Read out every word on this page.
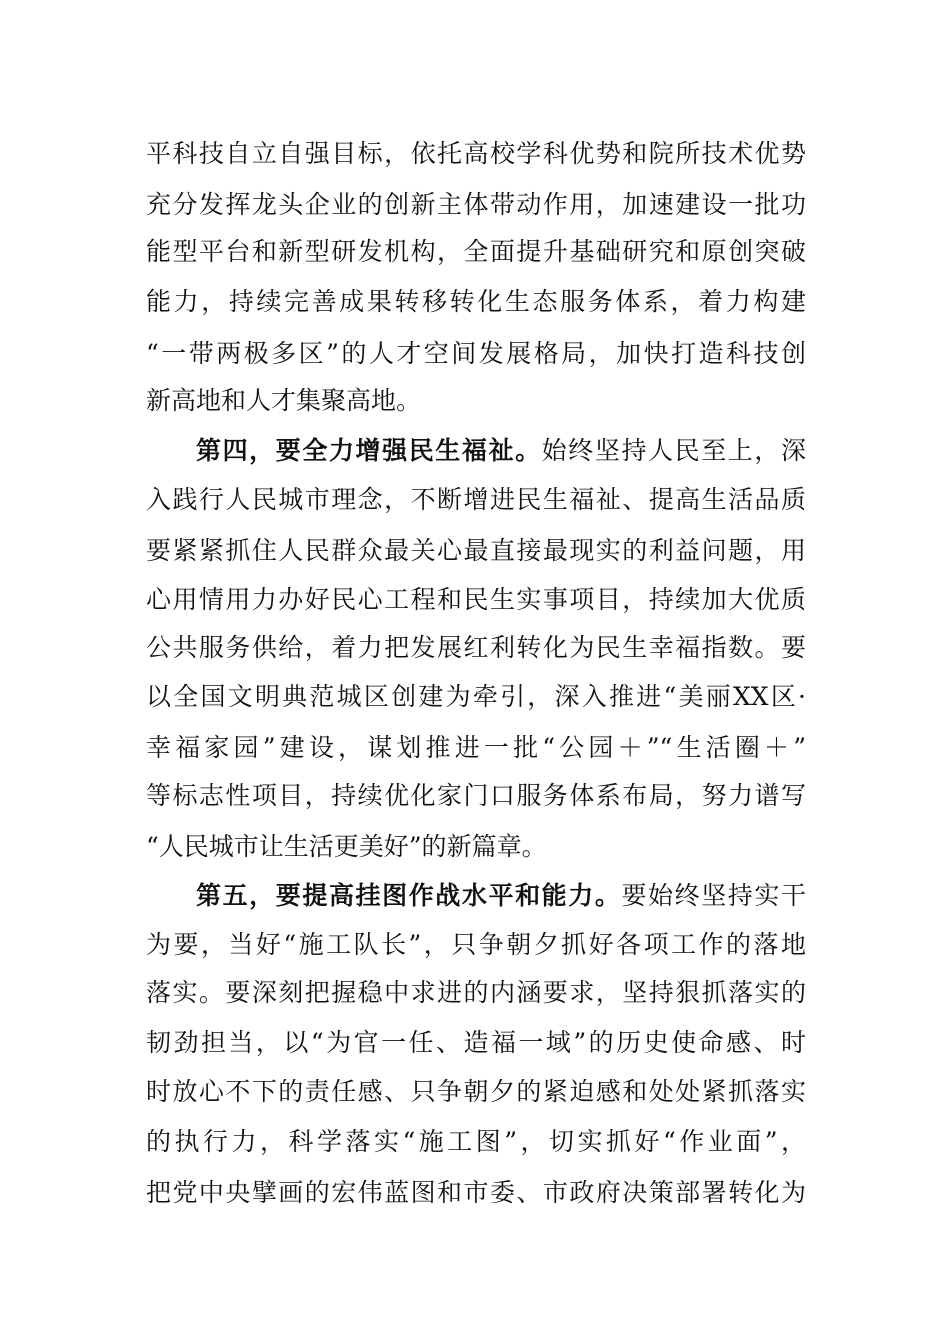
平科技自立自强目标，依托高校学科优势和院所技术优势
充分发挥龙头企业的创新主体带动作用，加速建设一批功
能型平台和新型研发机构，全面提升基础研究和原创突破
能力，持续完善成果转移转化生态服务体系，着力构建
“一带两极多区”的人才空间发展格局，加快打造科技创
新高地和人才集聚高地。
第四，要全力增强民生福祉。始终坚持人民至上，深
入践行人民城市理念，不断增进民生福祉、提高生活品质
要紧紧抓住人民群众最关心最直接最现实的利益问题，用
心用情用力办好民心工程和民生实事项目，持续加大优质
公共服务供给，着力把发展红利转化为民生幸福指数。要
以全国文明典范城区创建为牵引，深入推进“美丽XX区·
幸福家园”建设，谋划推进一批“公园＋”“生活圈＋”
等标志性项目，持续优化家门口服务体系布局，努力谱写
“人民城市让生活更美好”的新篇章。
第五，要提高挂图作战水平和能力。要始终坚持实干
为要，当好“施工队长”，只争朝夕抓好各项工作的落地
落实。要深刻把握稳中求进的内涵要求，坚持狠抓落实的
韧劲担当，以“为官一任、造福一域”的历史使命感、时
时放心不下的责任感、只争朝夕的紧迫感和处处紧抓落实
的执行力，科学落实“施工图”，切实抓好“作业面”，
把党中央擘画的宏伟蓝图和市委、市政府决策部署转化为
